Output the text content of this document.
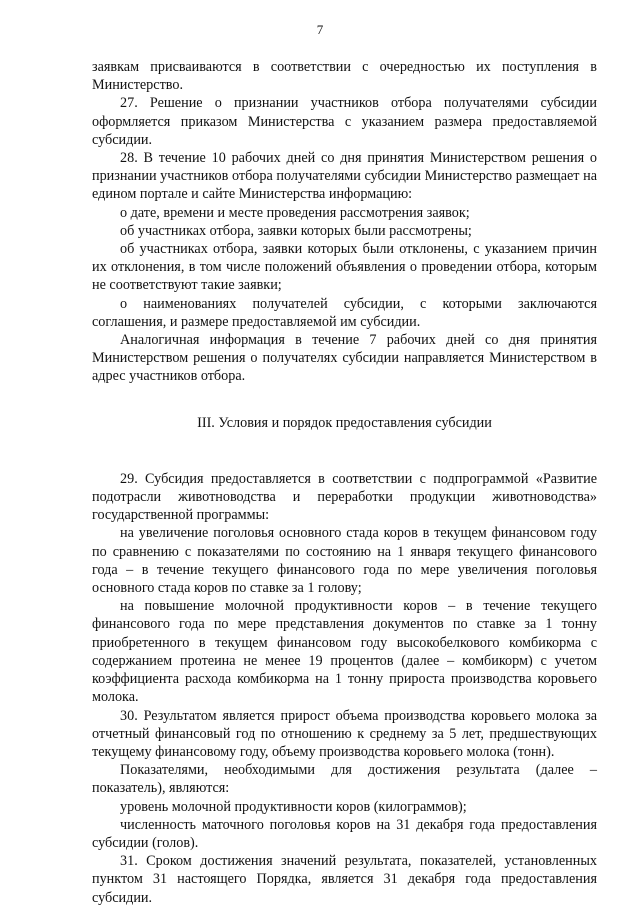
7

заявкам присваиваются в соответствии с очередностью их поступления в Министерство.

27. Решение о признании участников отбора получателями субсидии оформляется приказом Министерства с указанием размера предоставляемой субсидии.

28. В течение 10 рабочих дней со дня принятия Министерством решения о признании участников отбора получателями субсидии Министерство размещает на едином портале и сайте Министерства информацию:

о дате, времени и месте проведения рассмотрения заявок;

об участниках отбора, заявки которых были рассмотрены;

об участниках отбора, заявки которых были отклонены, с указанием причин их отклонения, в том числе положений объявления о проведении отбора, которым не соответствуют такие заявки;

о наименованиях получателей субсидии, с которыми заключаются соглашения, и размере предоставляемой им субсидии.

Аналогичная информация в течение 7 рабочих дней со дня принятия Министерством решения о получателях субсидии направляется Министерством в адрес участников отбора.

III. Условия и порядок предоставления субсидии

29. Субсидия предоставляется в соответствии с подпрограммой «Развитие подотрасли животноводства и переработки продукции животноводства» государственной программы:

на увеличение поголовья основного стада коров в текущем финансовом году по сравнению с показателями по состоянию на 1 января текущего финансового года – в течение текущего финансового года по мере увеличения поголовья основного стада коров по ставке за 1 голову;

на повышение молочной продуктивности коров – в течение текущего финансового года по мере представления документов по ставке за 1 тонну приобретенного в текущем финансовом году высокобелкового комбикорма с содержанием протеина не менее 19 процентов (далее – комбикорм) с учетом коэффициента расхода комбикорма на 1 тонну прироста производства коровьего молока.

30. Результатом является прирост объема производства коровьего молока за отчетный финансовый год по отношению к среднему за 5 лет, предшествующих текущему финансовому году, объему производства коровьего молока (тонн).

Показателями, необходимыми для достижения результата (далее – показатель), являются:

уровень молочной продуктивности коров (килограммов);

численность маточного поголовья коров на 31 декабря года предоставления субсидии (голов).

31. Сроком достижения значений результата, показателей, установленных пунктом 31 настоящего Порядка, является 31 декабря года предоставления субсидии.
